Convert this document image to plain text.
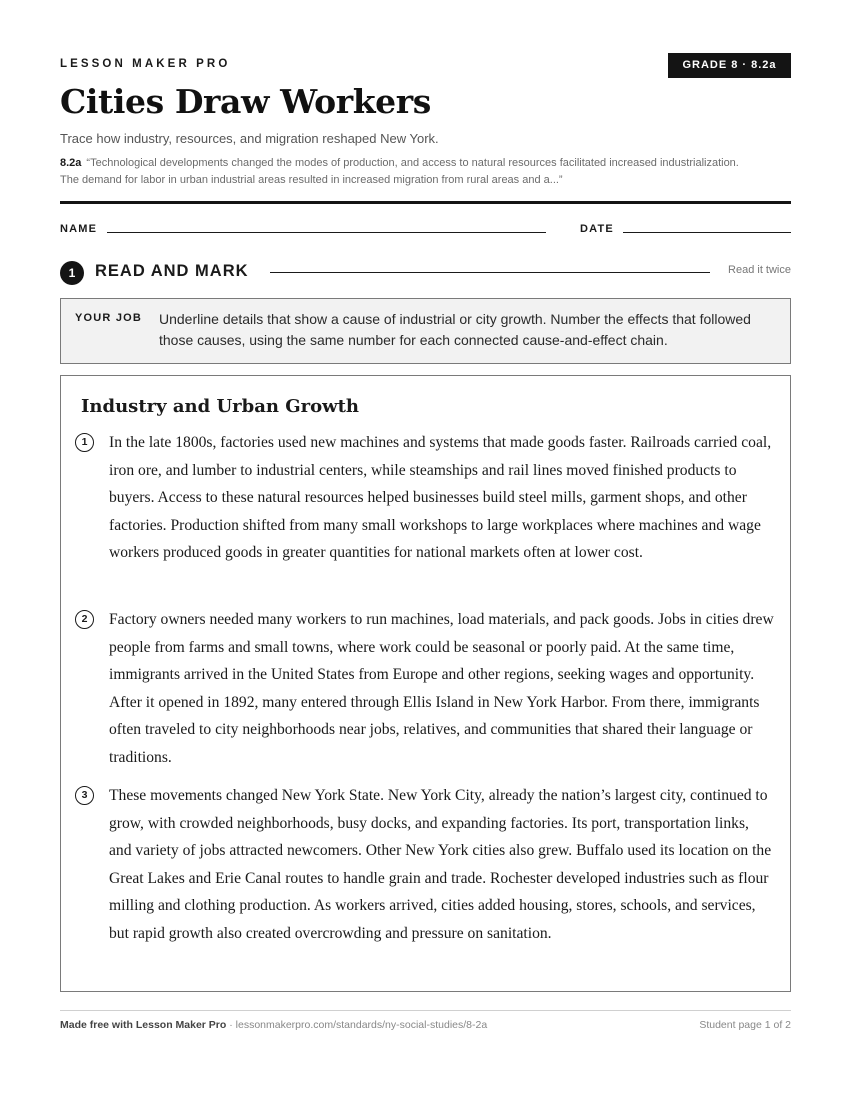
LESSON MAKER PRO	GRADE 8 · 8.2a
Cities Draw Workers
Trace how industry, resources, and migration reshaped New York.
8.2a “Technological developments changed the modes of production, and access to natural resources facilitated increased industrialization. The demand for labor in urban industrial areas resulted in increased migration from rural areas and a...”
NAME	DATE
1	READ AND MARK	Read it twice
YOUR JOB Underline details that show a cause of industrial or city growth. Number the effects that followed those causes, using the same number for each connected cause-and-effect chain.
Industry and Urban Growth
1	In the late 1800s, factories used new machines and systems that made goods faster. Railroads carried coal, iron ore, and lumber to industrial centers, while steamships and rail lines moved finished products to buyers. Access to these natural resources helped businesses build steel mills, garment shops, and other factories. Production shifted from many small workshops to large workplaces where machines and wage workers produced goods in greater quantities for national markets often at lower cost.

2	Factory owners needed many workers to run machines, load materials, and pack goods. Jobs in cities drew people from farms and small towns, where work could be seasonal or poorly paid. At the same time, immigrants arrived in the United States from Europe and other regions, seeking wages and opportunity. After it opened in 1892, many entered through Ellis Island in New York Harbor. From there, immigrants often traveled to city neighborhoods near jobs, relatives, and communities that shared their language or traditions.

3	These movements changed New York State. New York City, already the nation’s largest city, continued to grow, with crowded neighborhoods, busy docks, and expanding factories. Its port, transportation links, and variety of jobs attracted newcomers. Other New York cities also grew. Buffalo used its location on the Great Lakes and Erie Canal routes to handle grain and trade. Rochester developed industries such as flour milling and clothing production. As workers arrived, cities added housing, stores, schools, and services, but rapid growth also created overcrowding and pressure on sanitation.

Made free with Lesson Maker Pro · lessonmakerpro.com/standards/ny-social-studies/8-2a	Student page 1 of 2
